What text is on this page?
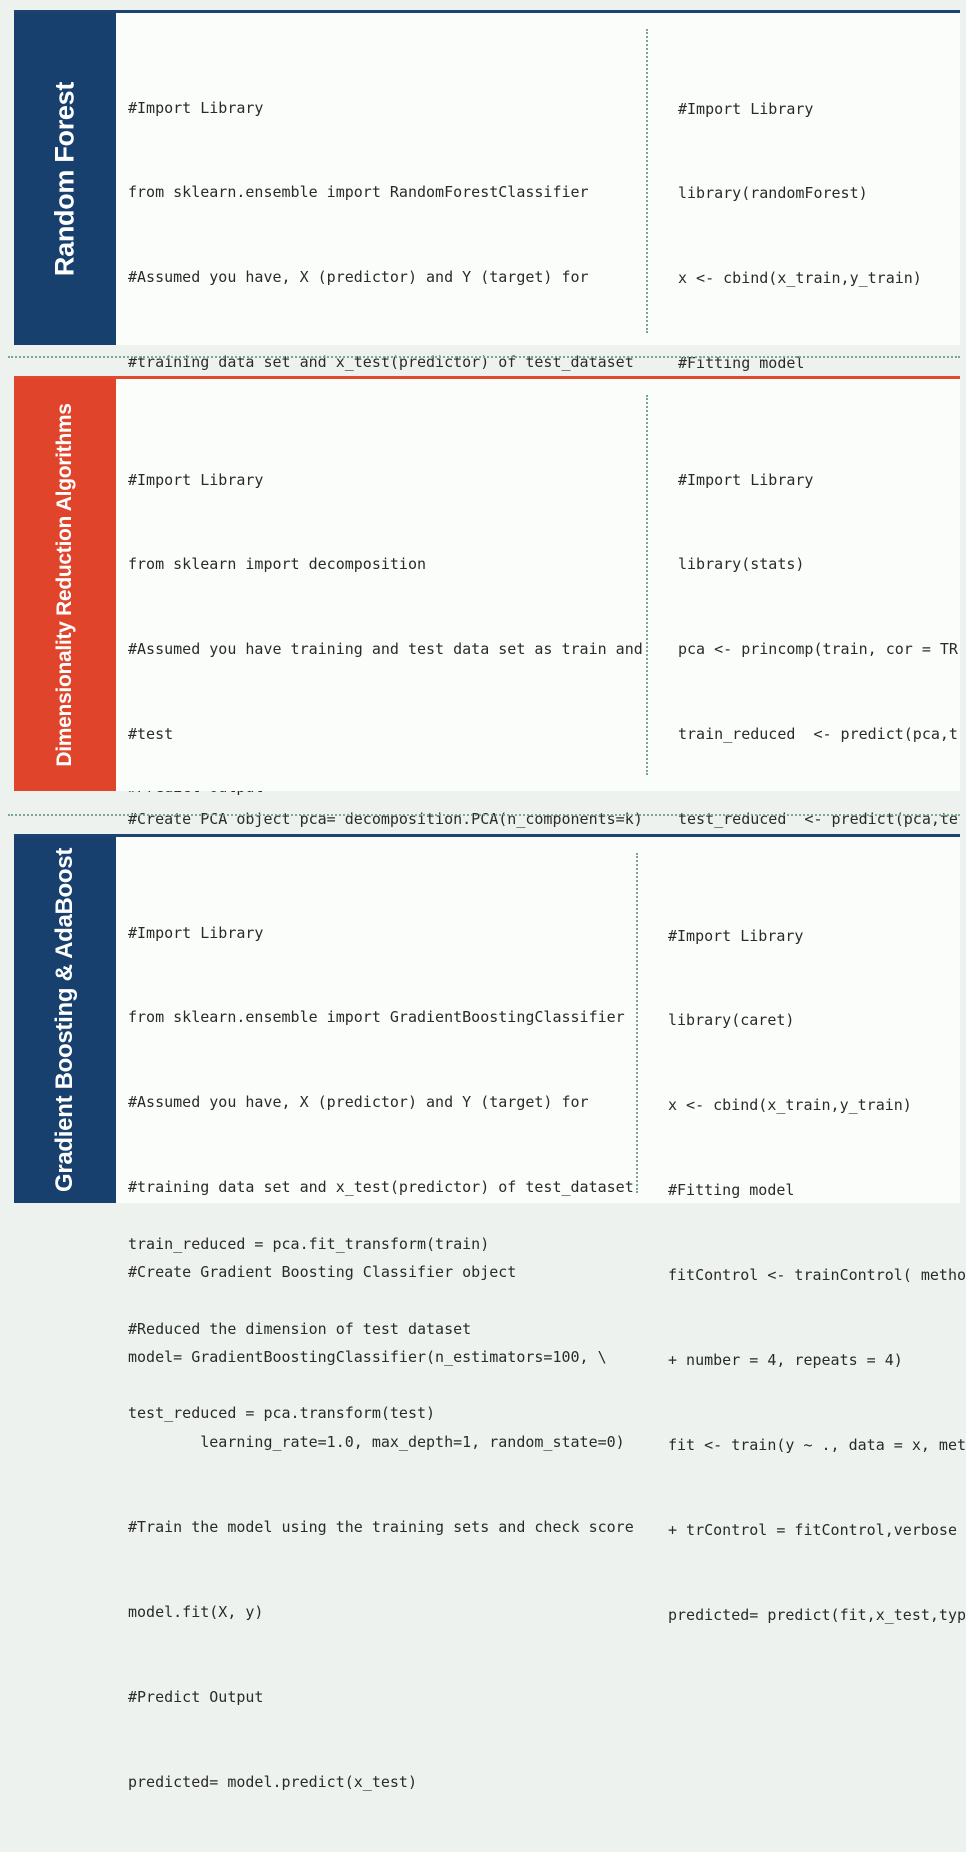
Random Forest

	#Import Library

from sklearn.ensemble import RandomForestClassifier

#Assumed you have, X (predictor) and Y (target) for

#training data set and x_test(predictor) of test_dataset

#Import Library

library(randomForest)

x <- cbind(x_train,y_train)

#Fitting model

Dimensionality Reduction Algorithms

	#Import Library

from sklearn import decomposition

#Assumed you have training and test data set as train and

#test

#Create PCA object pca= decomposition.PCA(n_components=k)

train_reduced = pca.fit_transform(train)

#Reduced the dimension of test dataset

test_reduced = pca.transform(test)

#Import Library

library(stats)

pca <- princomp(train, cor = TR

train_reduced  <- predict(pca,t

test_reduced  <- predict(pca,te

Gradient Boosting & AdaBoost

	#Import Library

from sklearn.ensemble import GradientBoostingClassifier

#Assumed you have, X (predictor) and Y (target) for

#training data set and x_test(predictor) of test_dataset

#Create Gradient Boosting Classifier object

model= GradientBoostingClassifier(n_estimators=100, \

learning_rate=1.0, max_depth=1, random_state=0)

#Train the model using the training sets and check score

model.fit(X, y)

#Predict Output

predicted= model.predict(x_test)

#Import Library

library(caret)

x <- cbind(x_train,y_train)

#Fitting model

fitControl <- trainControl( metho

+ number = 4, repeats = 4)

fit <- train(y ~ ., data = x, met

+ trControl = fitControl,verbose

predicted= predict(fit,x_test,typ
